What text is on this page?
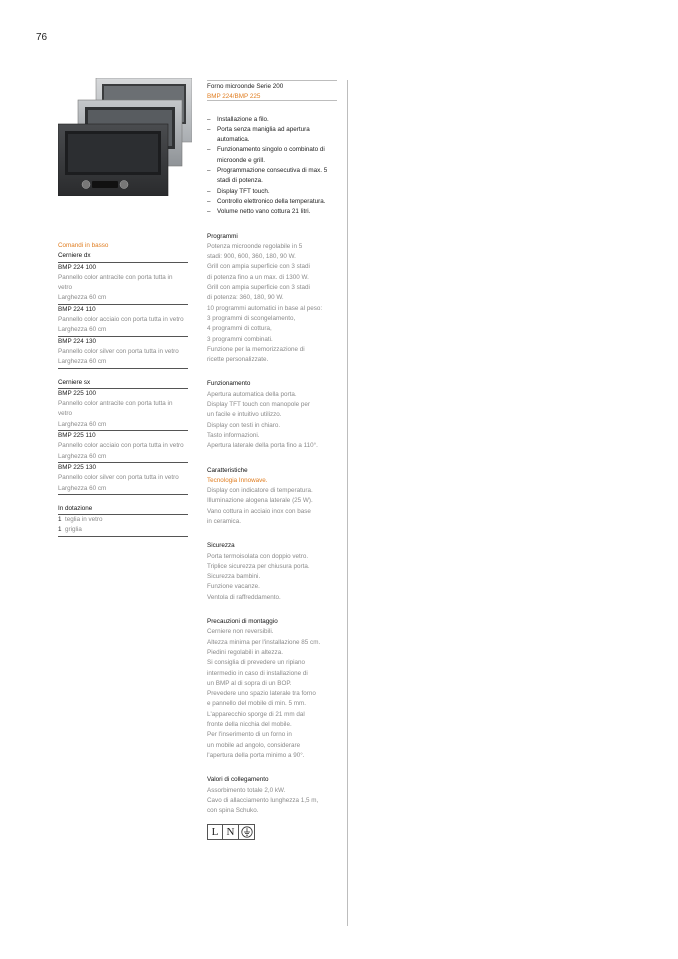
76
Comandi in basso
Cerniere dx
BMP 224 100
Pannello color antracite con porta tutta in vetro
Larghezza 60 cm
BMP 224 110
Pannello color acciaio con porta tutta in vetro
Larghezza 60 cm
BMP 224 130
Pannello color silver con porta tutta in vetro
Larghezza 60 cm
Cerniere sx
BMP 225 100
Pannello color antracite con porta tutta in vetro
Larghezza 60 cm
BMP 225 110
Pannello color acciaio con porta tutta in vetro
Larghezza 60 cm
BMP 225 130
Pannello color silver con porta tutta in vetro
Larghezza 60 cm
In dotazione
1 teglia in vetro
1 griglia
Forno microonde Serie 200
BMP 224/BMP 225
– Installazione a filo.
– Porta senza maniglia ad apertura automatica.
– Funzionamento singolo o combinato di microonde e grill.
– Programmazione consecutiva di max. 5 stadi di potenza.
– Display TFT touch.
– Controllo elettronico della temperatura.
– Volume netto vano cottura 21 litri.
Programmi
Potenza microonde regolabile in 5
stadi: 900, 600, 360, 180, 90 W.
Grill con ampia superficie con 3 stadi
di potenza fino a un max. di 1300 W.
Grill con ampia superficie con 3 stadi
di potenza: 360, 180, 90 W.
10 programmi automatici in base al peso:
3 programmi di scongelamento,
4 programmi di cottura,
3 programmi combinati.
Funzione per la memorizzazione di
ricette personalizzate.
Funzionamento
Apertura automatica della porta.
Display TFT touch con manopole per
un facile e intuitivo utilizzo.
Display con testi in chiaro.
Tasto informazioni.
Apertura laterale della porta fino a 110°.
Caratteristiche
Tecnologia Innowave.
Display con indicatore di temperatura.
Illuminazione alogena laterale (25 W).
Vano cottura in acciaio inox con base
in ceramica.
Sicurezza
Porta termoisolata con doppio vetro.
Triplice sicurezza per chiusura porta.
Sicurezza bambini.
Funzione vacanze.
Ventola di raffreddamento.
Precauzioni di montaggio
Cerniere non reversibili.
Altezza minima per l'installazione 85 cm.
Piedini regolabili in altezza.
Si consiglia di prevedere un ripiano
intermedio in caso di installazione di
un BMP al di sopra di un BOP.
Prevedere uno spazio laterale tra forno
e pannello del mobile di min. 5 mm.
L'apparecchio sporge di 21 mm dal
fronte della nicchia del mobile.
Per l'inserimento di un forno in
un mobile ad angolo, considerare
l'apertura della porta minimo a 90°.
Valori di collegamento
Assorbimento totale 2,0 kW.
Cavo di allacciamento lunghezza 1,5 m,
con spina Schuko.
L N
